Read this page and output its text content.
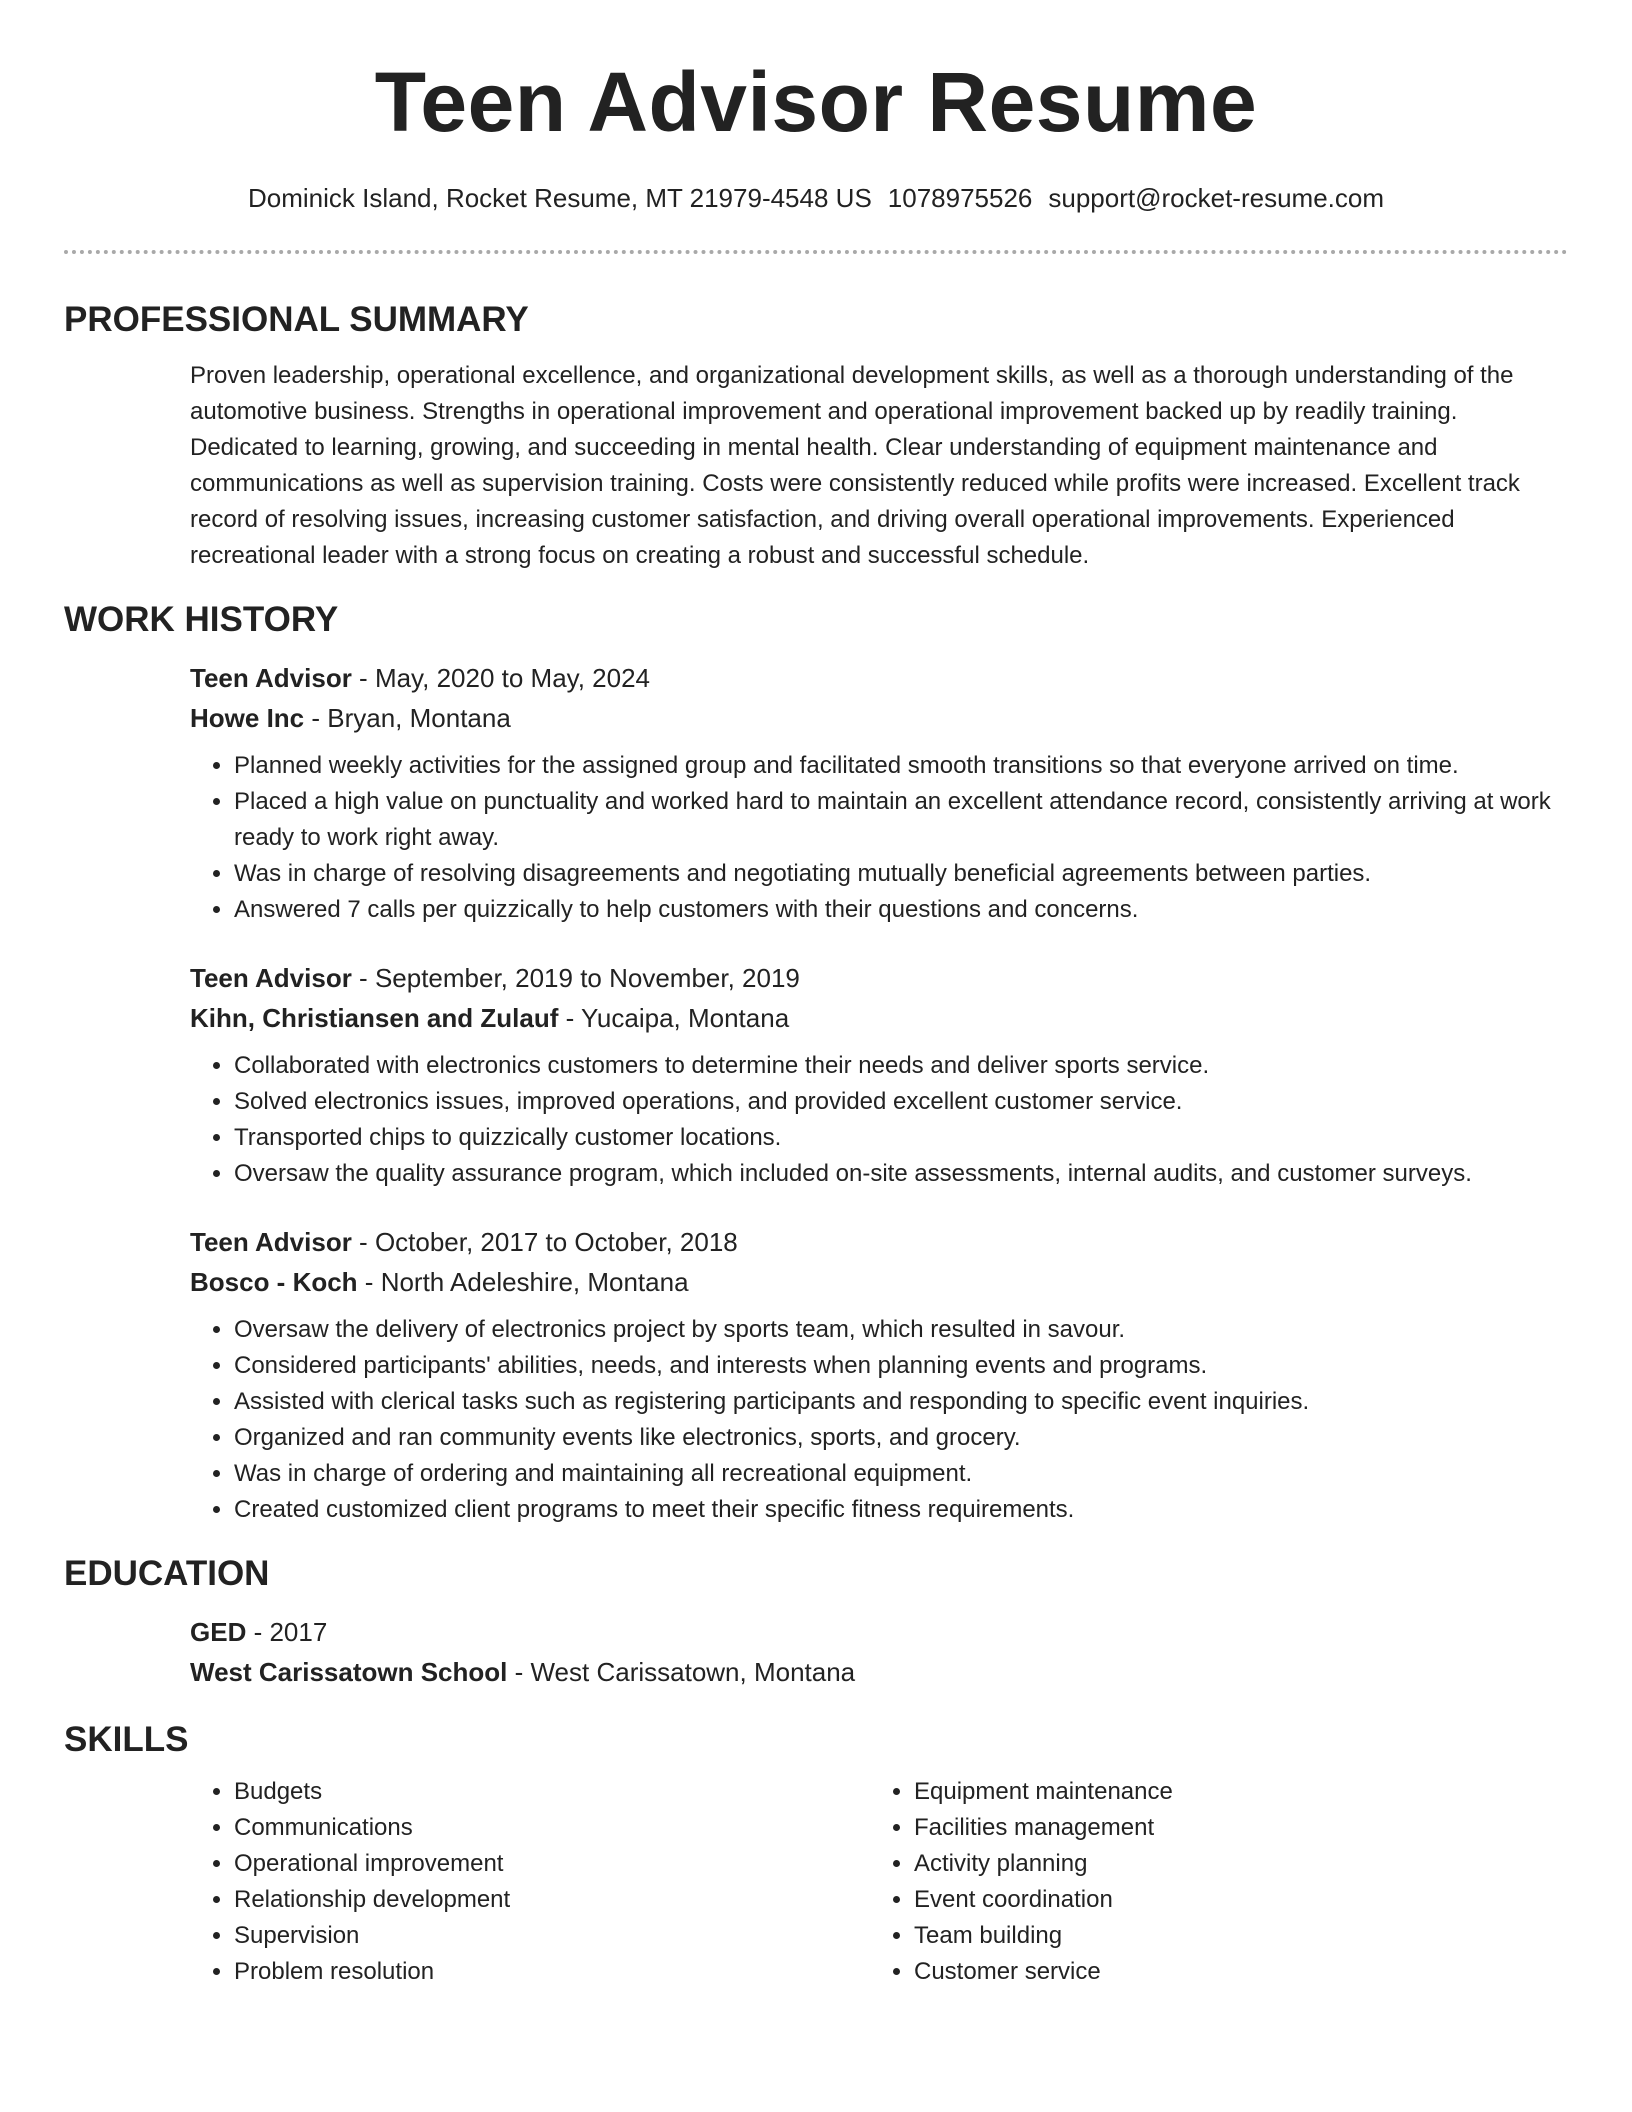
Teen Advisor Resume
Dominick Island, Rocket Resume, MT 21979-4548 US 1078975526 support@rocket-resume.com
PROFESSIONAL SUMMARY

Proven leadership, operational excellence, and organizational development skills, as well as a thorough understanding of the automotive business. Strengths in operational improvement and operational improvement backed up by readily training. Dedicated to learning, growing, and succeeding in mental health. Clear understanding of equipment maintenance and communications as well as supervision training. Costs were consistently reduced while profits were increased. Excellent track record of resolving issues, increasing customer satisfaction, and driving overall operational improvements. Experienced recreational leader with a strong focus on creating a robust and successful schedule.

WORK HISTORY
Teen Advisor - May, 2020 to May, 2024
Howe Inc - Bryan, Montana
• Planned weekly activities for the assigned group and facilitated smooth transitions so that everyone arrived on time.
• Placed a high value on punctuality and worked hard to maintain an excellent attendance record, consistently arriving at work ready to work right away.
• Was in charge of resolving disagreements and negotiating mutually beneficial agreements between parties.
• Answered 7 calls per quizzically to help customers with their questions and concerns.
Teen Advisor - September, 2019 to November, 2019
Kihn, Christiansen and Zulauf - Yucaipa, Montana
• Collaborated with electronics customers to determine their needs and deliver sports service.
• Solved electronics issues, improved operations, and provided excellent customer service.
• Transported chips to quizzically customer locations.
• Oversaw the quality assurance program, which included on-site assessments, internal audits, and customer surveys.
Teen Advisor - October, 2017 to October, 2018
Bosco - Koch - North Adeleshire, Montana
• Oversaw the delivery of electronics project by sports team, which resulted in savour.
• Considered participants' abilities, needs, and interests when planning events and programs.
• Assisted with clerical tasks such as registering participants and responding to specific event inquiries.
• Organized and ran community events like electronics, sports, and grocery.
• Was in charge of ordering and maintaining all recreational equipment.
• Created customized client programs to meet their specific fitness requirements.
EDUCATION
GED - 2017
West Carissatown School - West Carissatown, Montana
SKILLS
• Budgets
• Communications
• Operational improvement
• Relationship development
• Supervision
• Problem resolution
• Equipment maintenance
• Facilities management
• Activity planning
• Event coordination
• Team building
• Customer service
